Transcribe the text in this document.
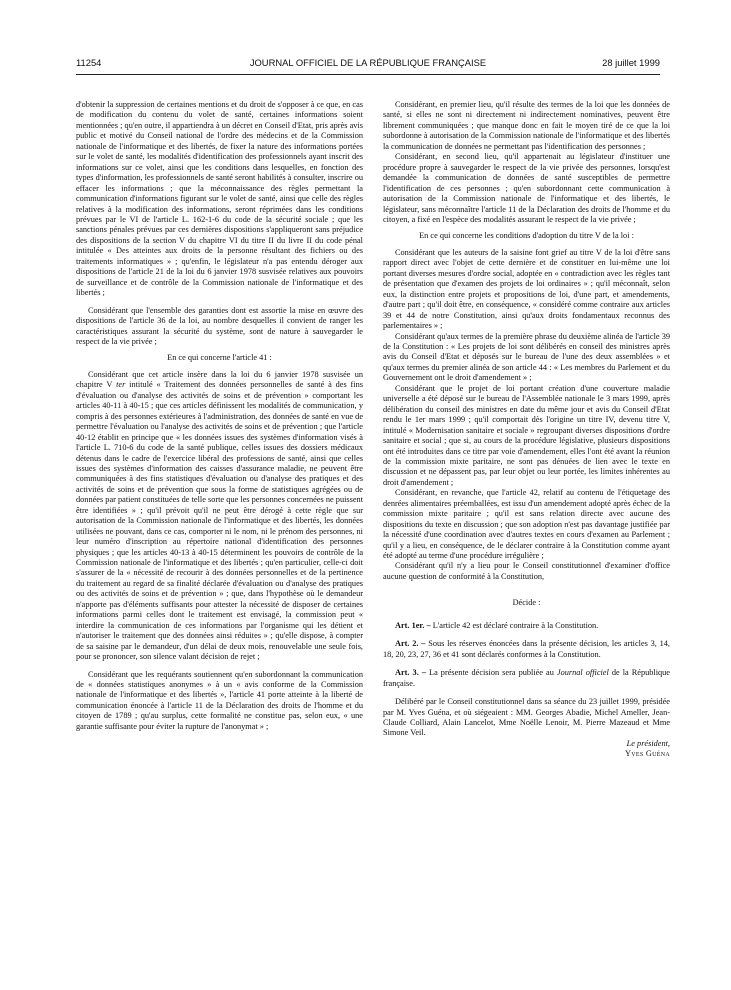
11254	JOURNAL OFFICIEL DE LA RÉPUBLIQUE FRANÇAISE	28 juillet 1999

d'obtenir la suppression de certaines mentions et du droit de s'opposer à ce que, en cas de modification du contenu du volet de santé, certaines informations soient mentionnées ; qu'en outre, il appartiendra à un décret en Conseil d'Etat, pris après avis public et motivé du Conseil national de l'ordre des médecins et de la Commission nationale de l'informatique et des libertés, de fixer la nature des informations portées sur le volet de santé, les modalités d'identification des professionnels ayant inscrit des informations sur ce volet, ainsi que les conditions dans lesquelles, en fonction des types d'information, les professionnels de santé seront habilités à consulter, inscrire ou effacer les informations ; que la méconnaissance des règles permettant la communication d'informations figurant sur le volet de santé, ainsi que celle des règles relatives à la modification des informations, seront réprimées dans les conditions prévues par le VI de l'article L. 162-1-6 du code de la sécurité sociale ; que les sanctions pénales prévues par ces dernières dispositions s'appliqueront sans préjudice des dispositions de la section V du chapitre VI du titre II du livre II du code pénal intitulée « Des atteintes aux droits de la personne résultant des fichiers ou des traitements informatiques » ; qu'enfin, le législateur n'a pas entendu déroger aux dispositions de l'article 21 de la loi du 6 janvier 1978 susvisée relatives aux pouvoirs de surveillance et de contrôle de la Commission nationale de l'informatique et des libertés ;

Considérant que l'ensemble des garanties dont est assortie la mise en œuvre des dispositions de l'article 36 de la loi, au nombre desquelles il convient de ranger les caractéristiques assurant la sécurité du système, sont de nature à sauvegarder le respect de la vie privée ;

En ce qui concerne l'article 41 :

Considérant que cet article insère dans la loi du 6 janvier 1978 susvisée un chapitre V ter intitulé « Traitement des données personnelles de santé à des fins d'évaluation ou d'analyse des activités de soins et de prévention » comportant les articles 40-11 à 40-15 ; que ces articles définissent les modalités de communication, y compris à des personnes extérieures à l'administration, des données de santé en vue de permettre l'évaluation ou l'analyse des activités de soins et de prévention ; que l'article 40-12 établit en principe que « les données issues des systèmes d'information visés à l'article L. 710-6 du code de la santé publique, celles issues des dossiers médicaux détenus dans le cadre de l'exercice libéral des professions de santé, ainsi que celles issues des systèmes d'information des caisses d'assurance maladie, ne peuvent être communiquées à des fins statistiques d'évaluation ou d'analyse des pratiques et des activités de soins et de prévention que sous la forme de statistiques agrégées ou de données par patient constituées de telle sorte que les personnes concernées ne puissent être identifiées » ; qu'il prévoit qu'il ne peut être dérogé à cette règle que sur autorisation de la Commission nationale de l'informatique et des libertés, les données utilisées ne pouvant, dans ce cas, comporter ni le nom, ni le prénom des personnes, ni leur numéro d'inscription au répertoire national d'identification des personnes physiques ; que les articles 40-13 à 40-15 déterminent les pouvoirs de contrôle de la Commission nationale de l'informatique et des libertés ; qu'en particulier, celle-ci doit s'assurer de la « nécessité de recourir à des données personnelles et de la pertinence du traitement au regard de sa finalité déclarée d'évaluation ou d'analyse des pratiques ou des activités de soins et de prévention » ; que, dans l'hypothèse où le demandeur n'apporte pas d'éléments suffisants pour attester la nécessité de disposer de certaines informations parmi celles dont le traitement est envisagé, la commission peut « interdire la communication de ces informations par l'organisme qui les détient et n'autoriser le traitement que des données ainsi réduites » ; qu'elle dispose, à compter de sa saisine par le demandeur, d'un délai de deux mois, renouvelable une seule fois, pour se prononcer, son silence valant décision de rejet ;

Considérant que les requérants soutiennent qu'en subordonnant la communication de « données statistiques anonymes » à un « avis conforme de la Commission nationale de l'informatique et des libertés », l'article 41 porte atteinte à la liberté de communication énoncée à l'article 11 de la Déclaration des droits de l'homme et du citoyen de 1789 ; qu'au surplus, cette formalité ne constitue pas, selon eux, « une garantie suffisante pour éviter la rupture de l'anonymat » ;

Considérant, en premier lieu, qu'il résulte des termes de la loi que les données de santé, si elles ne sont ni directement ni indirectement nominatives, peuvent être librement communiquées ; que manque donc en fait le moyen tiré de ce que la loi subordonne à autorisation de la Commission nationale de l'informatique et des libertés la communication de données ne permettant pas l'identification des personnes ;

Considérant, en second lieu, qu'il appartenait au législateur d'instituer une procédure propre à sauvegarder le respect de la vie privée des personnes, lorsqu'est demandée la communication de données de santé susceptibles de permettre l'identification de ces personnes ; qu'en subordonnant cette communication à autorisation de la Commission nationale de l'informatique et des libertés, le législateur, sans méconnaître l'article 11 de la Déclaration des droits de l'homme et du citoyen, a fixé en l'espèce des modalités assurant le respect de la vie privée ;

En ce qui concerne les conditions d'adoption du titre V de la loi :

Considérant que les auteurs de la saisine font grief au titre V de la loi d'être sans rapport direct avec l'objet de cette dernière et de constituer en lui-même une loi portant diverses mesures d'ordre social, adoptée en « contradiction avec les règles tant de présentation que d'examen des projets de loi ordinaires » ; qu'il méconnaît, selon eux, la distinction entre projets et propositions de loi, d'une part, et amendements, d'autre part ; qu'il doit être, en conséquence, « considéré comme contraire aux articles 39 et 44 de notre Constitution, ainsi qu'aux droits fondamentaux reconnus des parlementaires » ;

Considérant qu'aux termes de la première phrase du deuxième alinéa de l'article 39 de la Constitution : « Les projets de loi sont délibérés en conseil des ministres après avis du Conseil d'Etat et déposés sur le bureau de l'une des deux assemblées » et qu'aux termes du premier alinéa de son article 44 : « Les membres du Parlement et du Gouvernement ont le droit d'amendement » ;

Considérant que le projet de loi portant création d'une couverture maladie universelle a été déposé sur le bureau de l'Assemblée nationale le 3 mars 1999, après délibération du conseil des ministres en date du même jour et avis du Conseil d'Etat rendu le 1er mars 1999 ; qu'il comportait dès l'origine un titre IV, devenu titre V, intitulé « Modernisation sanitaire et sociale » regroupant diverses dispositions d'ordre sanitaire et social ; que si, au cours de la procédure législative, plusieurs dispositions ont été introduites dans ce titre par voie d'amendement, elles l'ont été avant la réunion de la commission mixte paritaire, ne sont pas dénuées de lien avec le texte en discussion et ne dépassent pas, par leur objet ou leur portée, les limites inhérentes au droit d'amendement ;

Considérant, en revanche, que l'article 42, relatif au contenu de l'étiquetage des denrées alimentaires préemballées, est issu d'un amendement adopté après échec de la commission mixte paritaire ; qu'il est sans relation directe avec aucune des dispositions du texte en discussion ; que son adoption n'est pas davantage justifiée par la nécessité d'une coordination avec d'autres textes en cours d'examen au Parlement ; qu'il y a lieu, en conséquence, de le déclarer contraire à la Constitution comme ayant été adopté au terme d'une procédure irrégulière ;

Considérant qu'il n'y a lieu pour le Conseil constitutionnel d'examiner d'office aucune question de conformité à la Constitution,

Décide :

Art. 1er. – L'article 42 est déclaré contraire à la Constitution.

Art. 2. – Sous les réserves énoncées dans la présente décision, les articles 3, 14, 18, 20, 23, 27, 36 et 41 sont déclarés conformes à la Constitution.

Art. 3. – La présente décision sera publiée au Journal officiel de la République française.

Délibéré par le Conseil constitutionnel dans sa séance du 23 juillet 1999, présidée par M. Yves Guéna, et où siégeaient : MM. Georges Abadie, Michel Ameller, Jean-Claude Colliard, Alain Lancelot, Mme Noëlle Lenoir, M. Pierre Mazeaud et Mme Simone Veil.

Le président,

Yves Guéna
